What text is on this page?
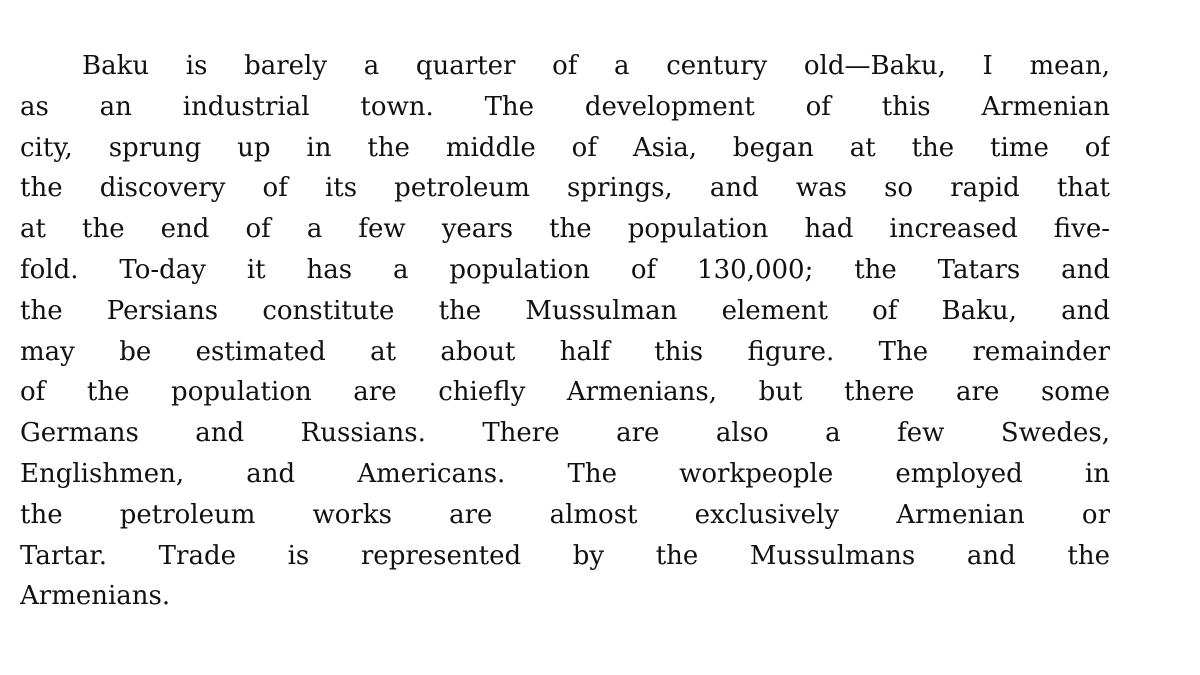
Baku is barely a quarter of a century old—Baku, I mean,
as an industrial town. The development of this Armenian
city, sprung up in the middle of Asia, began at the time of
the discovery of its petroleum springs, and was so rapid that
at the end of a few years the population had increased five-
fold. To-day it has a population of 130,000; the Tatars and
the Persians constitute the Mussulman element of Baku, and
may be estimated at about half this figure. The remainder
of the population are chiefly Armenians, but there are some
Germans and Russians. There are also a few Swedes,
Englishmen, and Americans. The workpeople employed in
the petroleum works are almost exclusively Armenian or
Tartar. Trade is represented by the Mussulmans and the
Armenians.
